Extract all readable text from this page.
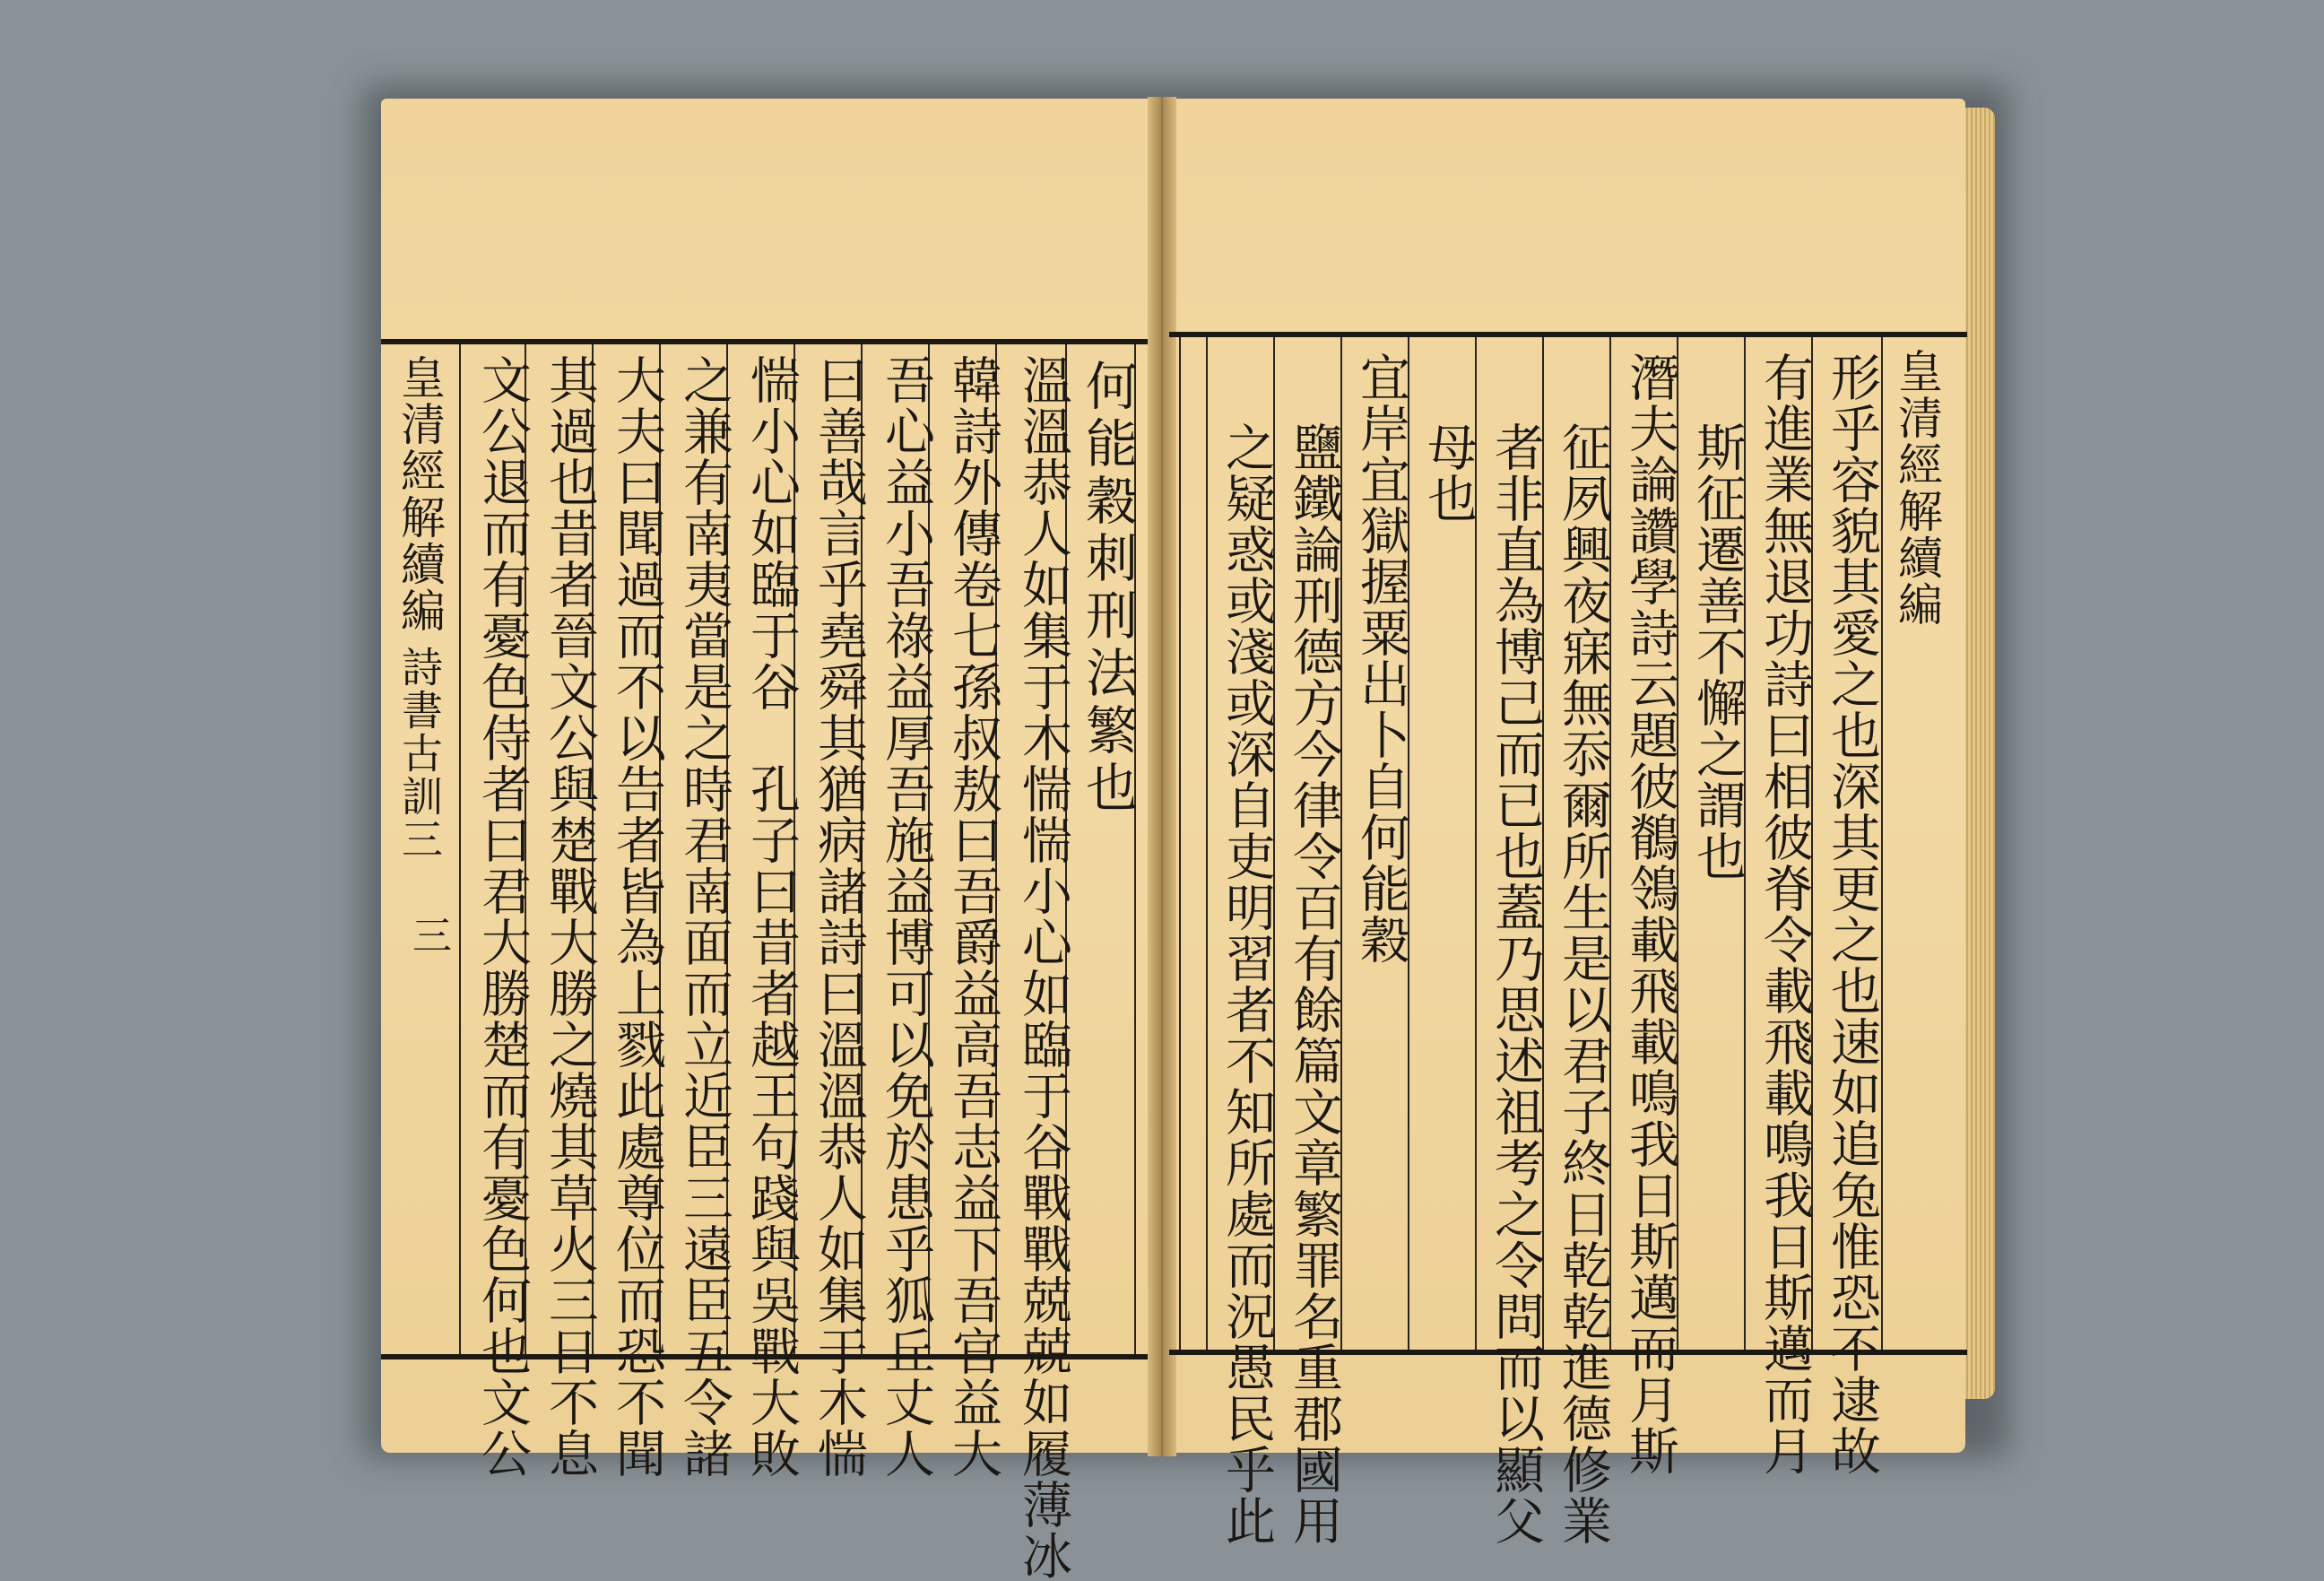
皇清經解續編
詩書古訓三
三
皇清經解續編
何能穀刺刑法繁也
溫溫恭人如集于木惴惴小心如臨于谷戰戰兢兢如履薄冰
韓詩外傳卷七孫叔敖曰吾爵益高吾志益下吾官益大
吾心益小吾祿益厚吾施益博可以免於患乎狐丘丈人
曰善哉言乎堯舜其猶病諸詩曰溫溫恭人如集于木惴
惴小心如臨于谷　孔子曰昔者越王句踐與吳戰大敗
之兼有南夷當是之時君南面而立近臣三遠臣五令諸
大夫曰聞過而不以告者皆為上戮此處尊位而恐不聞
其過也昔者晉文公與楚戰大勝之燒其草火三日不息
文公退而有憂色侍者曰君大勝楚而有憂色何也文公	形乎容貌其愛之也深其更之也速如追兔惟恐不逮故
有進業無退功詩曰相彼脊令載飛載鳴我日斯邁而月
斯征遷善不懈之謂也
潛夫論讚學詩云題彼鶺鴒載飛載鳴我日斯邁而月斯
征夙興夜寐無忝爾所生是以君子終日乾乾進德修業
者非直為博己而已也蓋乃思述祖考之令問而以顯父
母也
宜岸宜獄握粟出卜自何能穀
鹽鐵論刑德方今律令百有餘篇文章繁罪名重郡國用
之疑惑或淺或深自吏明習者不知所處而況愚民乎此
